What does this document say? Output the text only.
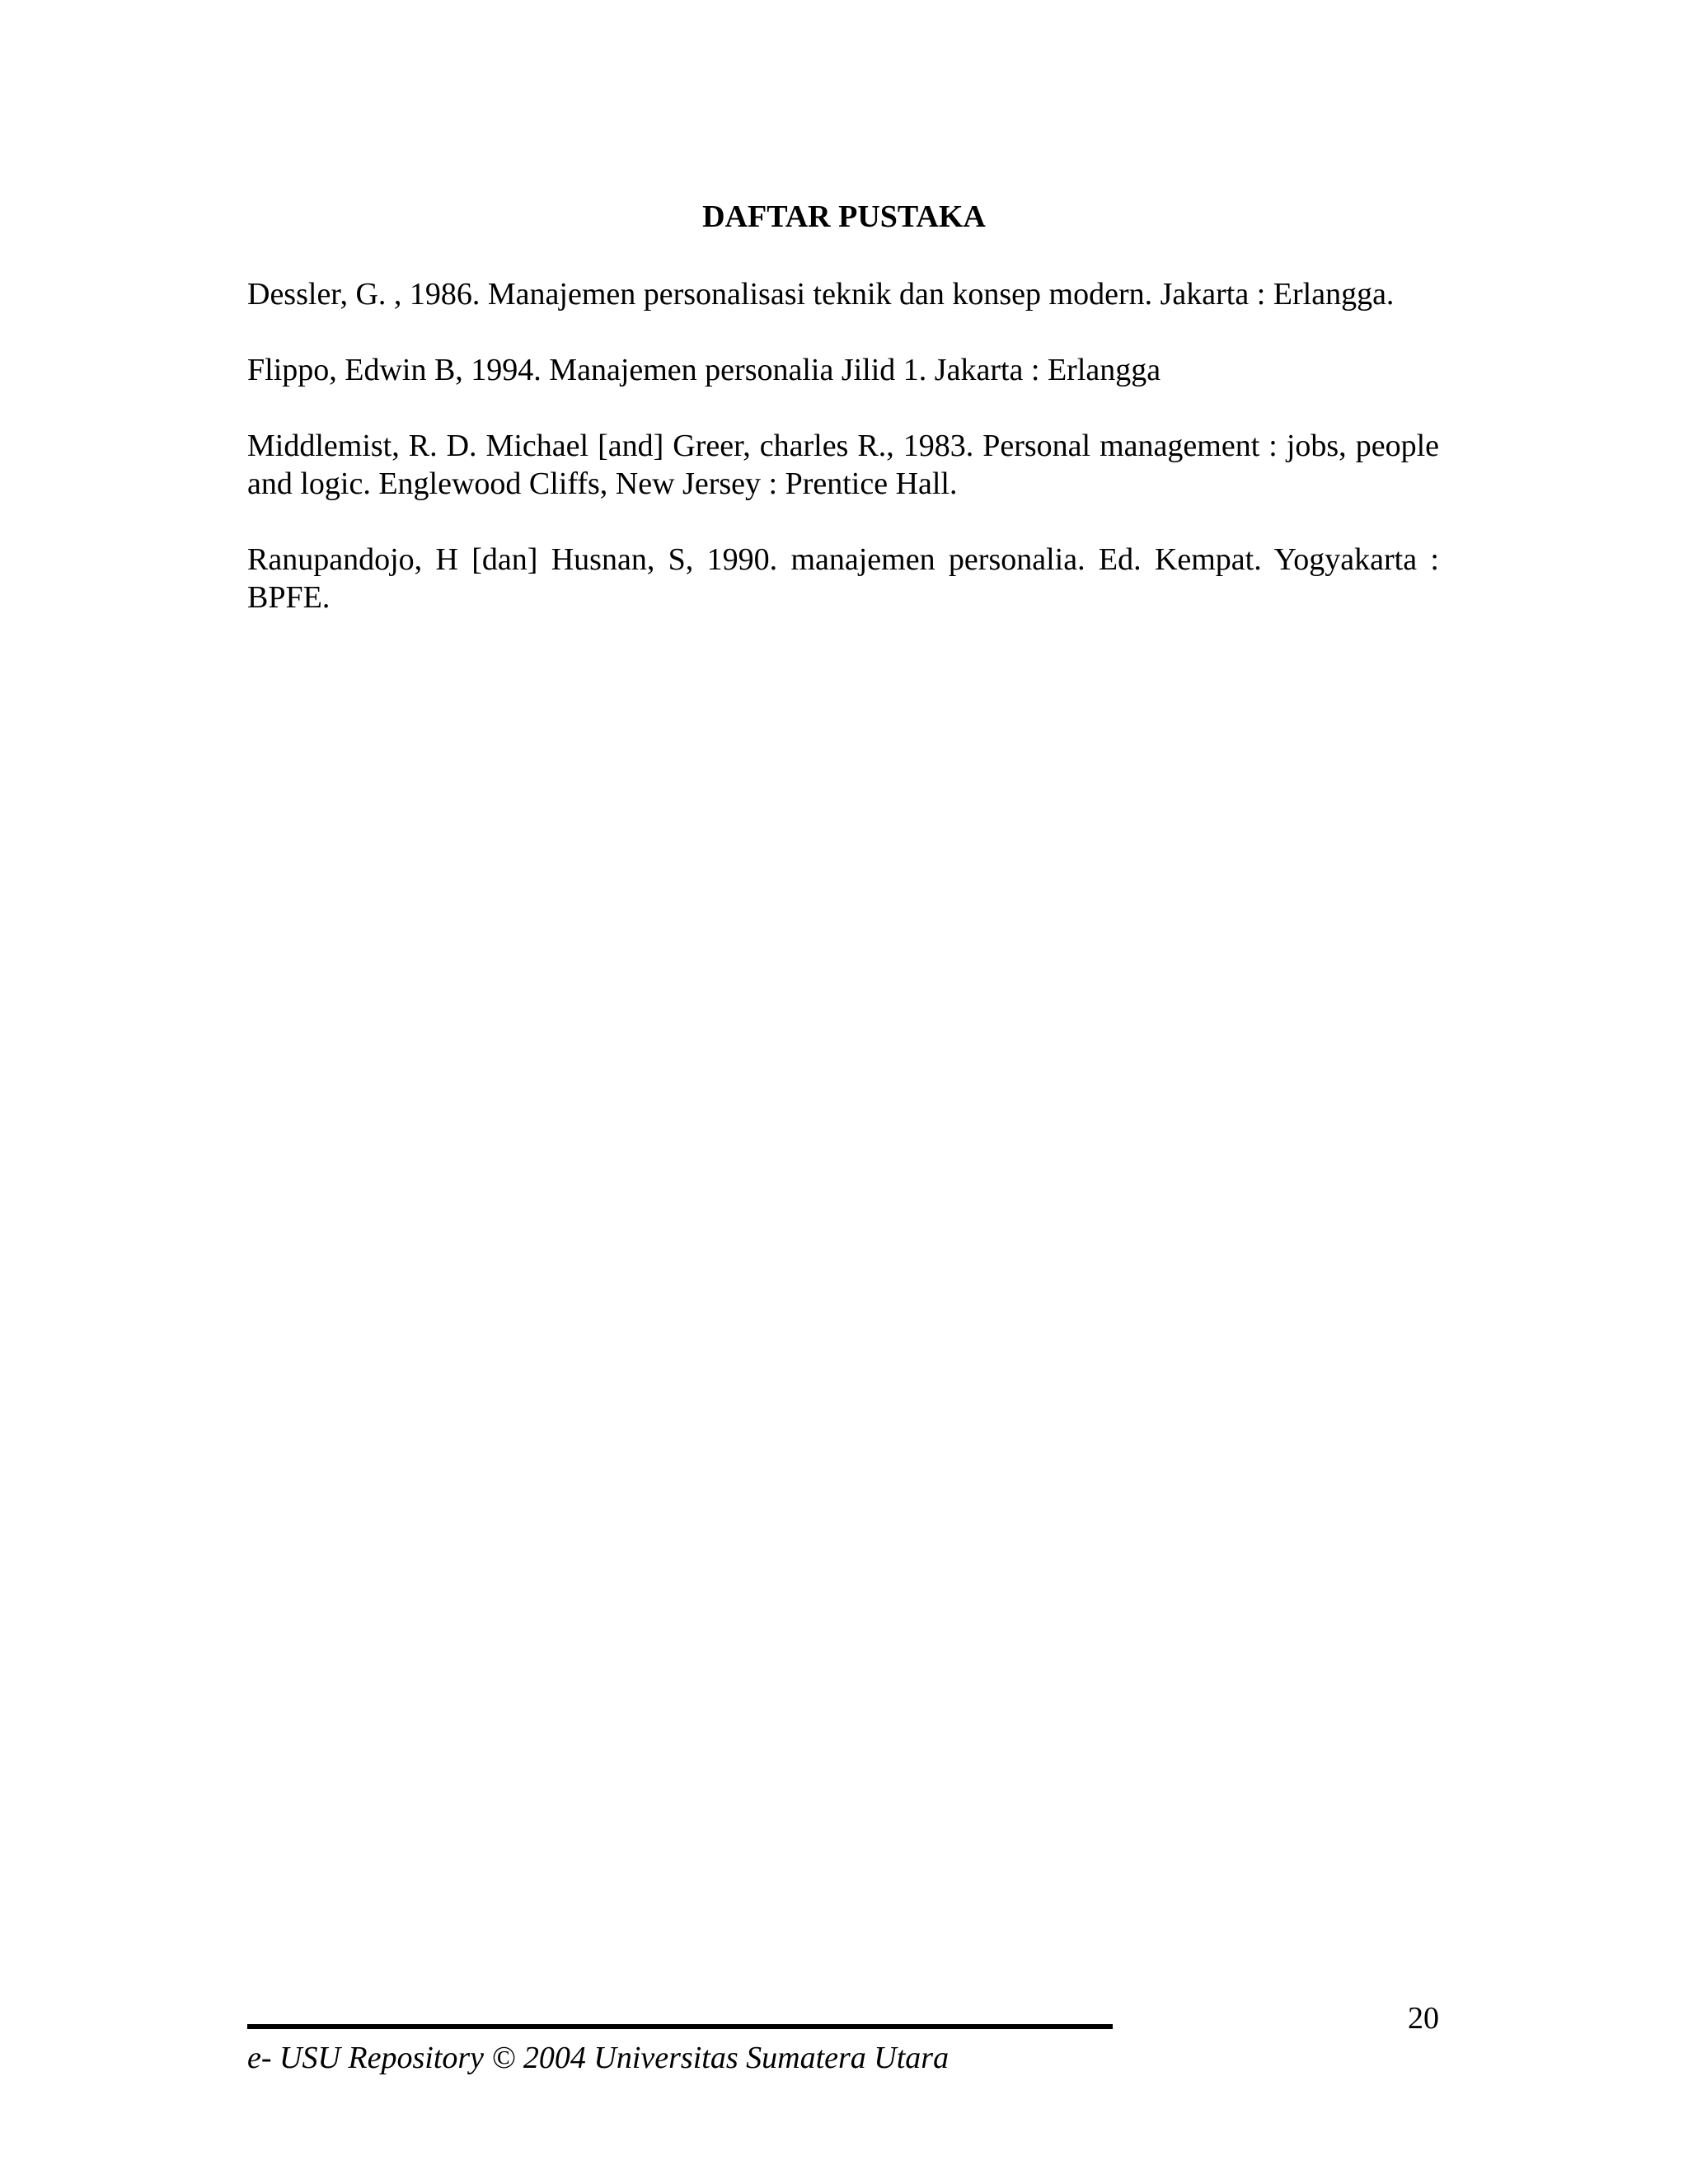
DAFTAR PUSTAKA
Dessler, G. , 1986. Manajemen personalisasi teknik dan konsep modern. Jakarta : Erlangga.
Flippo, Edwin B, 1994. Manajemen personalia Jilid 1. Jakarta : Erlangga
Middlemist, R. D. Michael [and] Greer, charles R., 1983. Personal management : jobs, people and logic. Englewood Cliffs, New Jersey : Prentice Hall.
Ranupandojo, H [dan] Husnan, S, 1990. manajemen personalia. Ed. Kempat. Yogyakarta : BPFE.
20
e- USU Repository © 2004 Universitas Sumatera Utara
